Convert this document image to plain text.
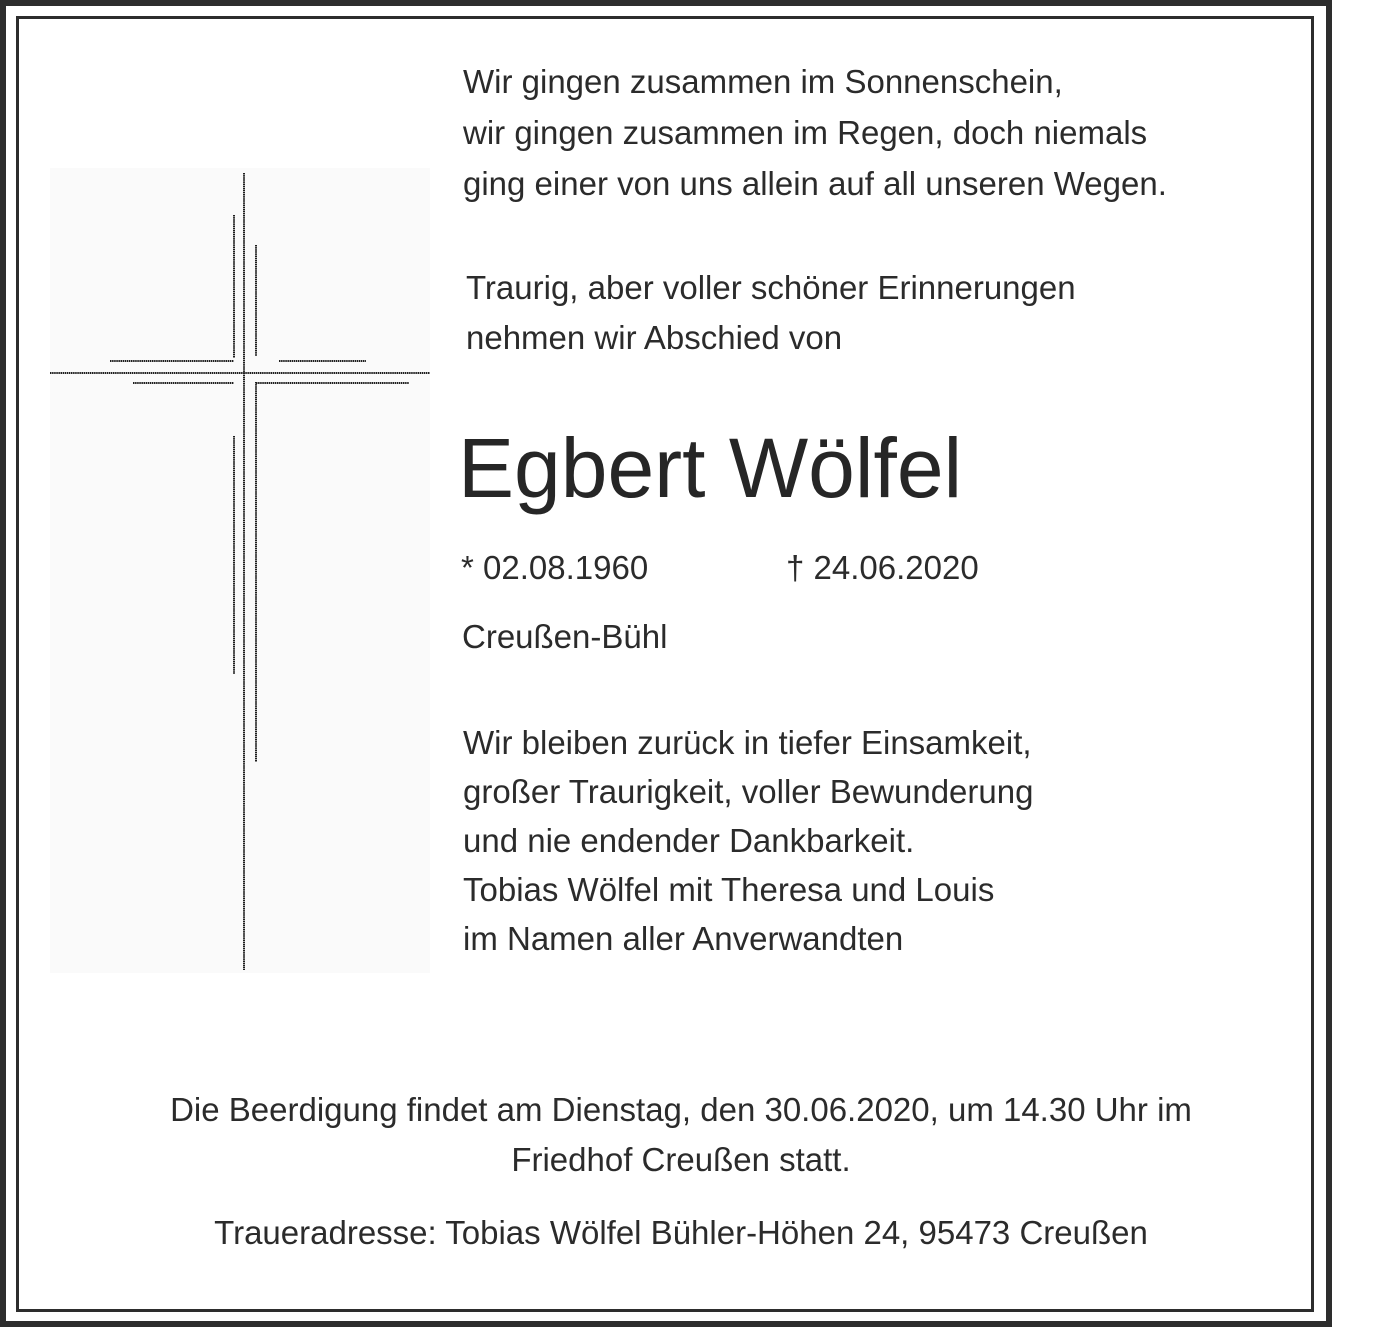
Wir gingen zusammen im Sonnenschein,
wir gingen zusammen im Regen, doch niemals
ging einer von uns allein auf all unseren Wegen.
Traurig, aber voller schöner Erinnerungen
nehmen wir Abschied von
Egbert Wölfel
* 02.08.1960	† 24.06.2020
Creußen-Bühl
Wir bleiben zurück in tiefer Einsamkeit,
großer Traurigkeit, voller Bewunderung
und nie endender Dankbarkeit.
Tobias Wölfel mit Theresa und Louis
im Namen aller Anverwandten
Die Beerdigung findet am Dienstag, den 30.06.2020, um 14.30 Uhr im
Friedhof Creußen statt.
Traueradresse: Tobias Wölfel Bühler-Höhen 24, 95473 Creußen
